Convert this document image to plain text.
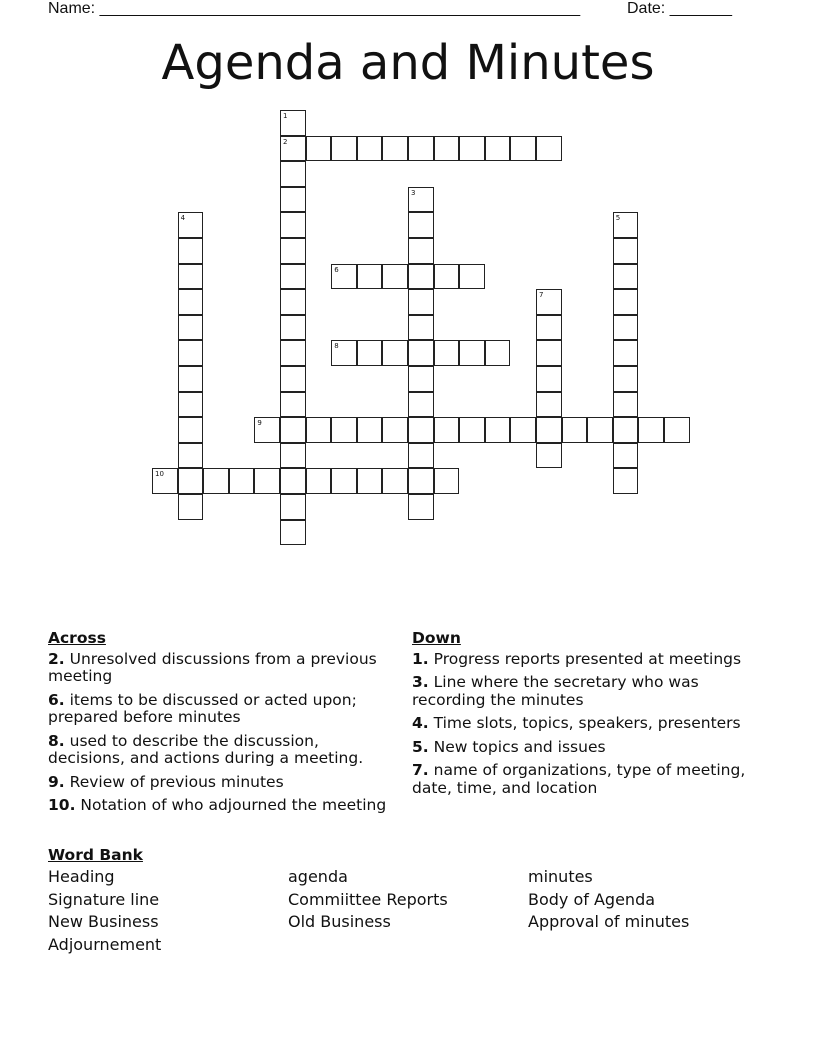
Name: ______________________________________________________	Date: _______
Agenda and Minutes
1
2
3
4	5
6
7
8
9
10
Across
2. Unresolved discussions from a previous meeting
6. items to be discussed or acted upon; prepared before minutes
8. used to describe the discussion, decisions, and actions during a meeting.
9. Review of previous minutes
10. Notation of who adjourned the meeting
Down
1. Progress reports presented at meetings
3. Line where the secretary who was recording the minutes
4. Time slots, topics, speakers, presenters
5. New topics and issues
7. name of organizations, type of meeting, date, time, and location
Word Bank
Heading	agenda	minutes
Signature line	Commiittee Reports	Body of Agenda
New Business	Old Business	Approval of minutes
Adjournement
